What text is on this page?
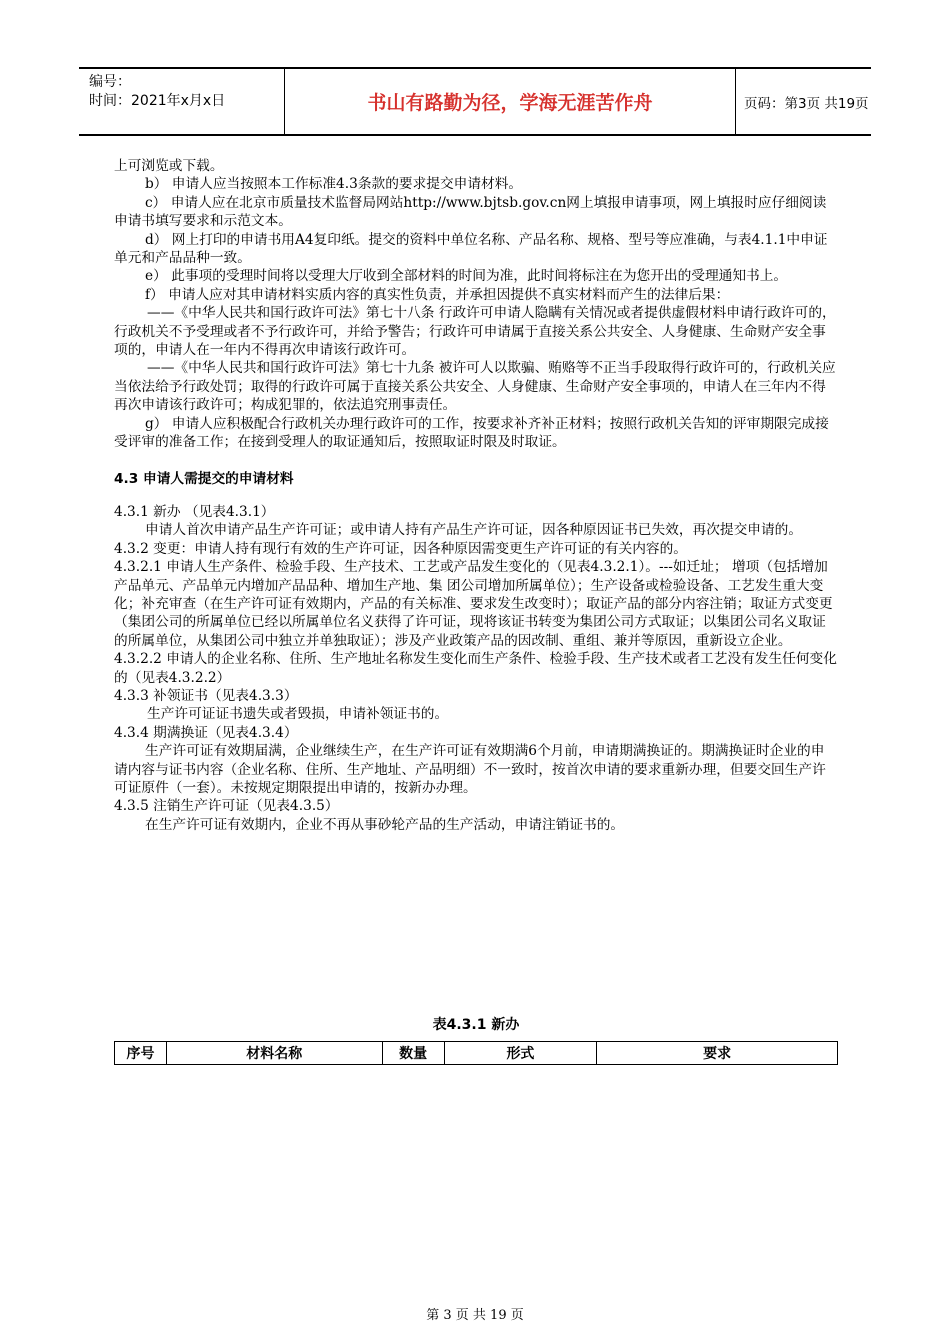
编号：
时间：2021年x月x日	书山有路勤为径，学海无涯苦作舟	页码：第3页 共19页

上可浏览或下载。

b） 申请人应当按照本工作标准4.3条款的要求提交申请材料。

c） 申请人应在北京市质量技术监督局网站http://www.bjtsb.gov.cn网上填报申请事项，网上填报时应仔细阅读申请书填写要求和示范文本。

d） 网上打印的申请书用A4复印纸。提交的资料中单位名称、产品名称、规格、型号等应准确，与表4.1.1中申证单元和产品品种一致。

e） 此事项的受理时间将以受理大厅收到全部材料的时间为准，此时间将标注在为您开出的受理通知书上。

f） 申请人应对其申请材料实质内容的真实性负责，并承担因提供不真实材料而产生的法律后果：

——《中华人民共和国行政许可法》第七十八条 行政许可申请人隐瞒有关情况或者提供虚假材料申请行政许可的，行政机关不予受理或者不予行政许可，并给予警告；行政许可申请属于直接关系公共安全、人身健康、生命财产安全事项的，申请人在一年内不得再次申请该行政许可。

——《中华人民共和国行政许可法》第七十九条 被许可人以欺骗、贿赂等不正当手段取得行政许可的，行政机关应当依法给予行政处罚；取得的行政许可属于直接关系公共安全、人身健康、生命财产安全事项的，申请人在三年内不得再次申请该行政许可；构成犯罪的，依法追究刑事责任。

g） 申请人应积极配合行政机关办理行政许可的工作，按要求补齐补正材料；按照行政机关告知的评审期限完成接受评审的准备工作；在接到受理人的取证通知后，按照取证时限及时取证。

4.3 申请人需提交的申请材料

4.3.1 新办 （见表4.3.1）

申请人首次申请产品生产许可证；或申请人持有产品生产许可证，因各种原因证书已失效，再次提交申请的。

4.3.2 变更：申请人持有现行有效的生产许可证，因各种原因需变更生产许可证的有关内容的。

4.3.2.1 申请人生产条件、检验手段、生产技术、工艺或产品发生变化的（见表4.3.2.1）。---如迁址； 增项（包括增加产品单元、产品单元内增加产品品种、增加生产地、集 团公司增加所属单位）；生产设备或检验设备、工艺发生重大变化；补充审查（在生产许可证有效期内，产品的有关标准、要求发生改变时）；取证产品的部分内容注销；取证方式变更（集团公司的所属单位已经以所属单位名义获得了许可证，现将该证书转变为集团公司方式取证；以集团公司名义取证的所属单位，从集团公司中独立并单独取证）；涉及产业政策产品的因改制、重组、兼并等原因，重新设立企业。

4.3.2.2 申请人的企业名称、住所、生产地址名称发生变化而生产条件、检验手段、生产技术或者工艺没有发生任何变化的（见表4.3.2.2）

4.3.3 补领证书（见表4.3.3）

生产许可证证书遗失或者毁损，申请补领证书的。

4.3.4 期满换证（见表4.3.4）

生产许可证有效期届满，企业继续生产，在生产许可证有效期满6个月前，申请期满换证的。期满换证时企业的申请内容与证书内容（企业名称、住所、生产地址、产品明细）不一致时，按首次申请的要求重新办理，但要交回生产许可证原件（一套）。未按规定期限提出申请的，按新办办理。

4.3.5 注销生产许可证（见表4.3.5）

在生产许可证有效期内，企业不再从事砂轮产品的生产活动，申请注销证书的。

表4.3.1 新办
序号	材料名称	数量	形式	要求
第 3 页 共 19 页
